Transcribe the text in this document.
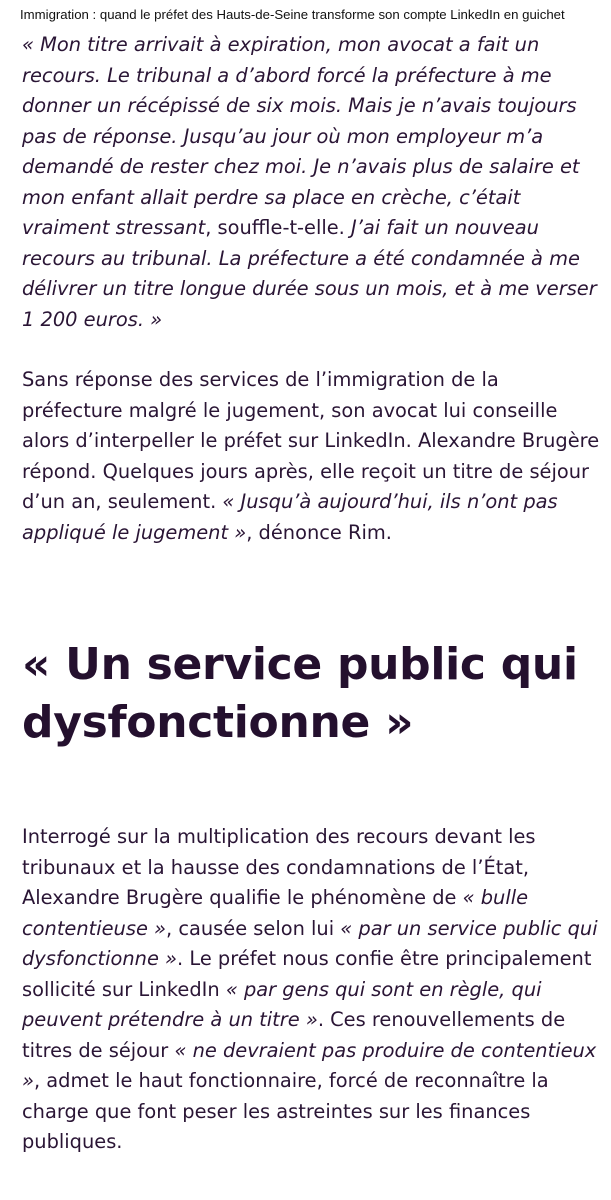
Immigration : quand le préfet des Hauts-de-Seine transforme son compte LinkedIn en guichet

« Mon titre arrivait à expiration, mon avocat a fait un recours. Le tribunal a d’abord forcé la préfecture à me donner un récépissé de six mois. Mais je n’avais toujours pas de réponse. Jusqu’au jour où mon employeur m’a demandé de rester chez moi. Je n’avais plus de salaire et mon enfant allait perdre sa place en crèche, c’était vraiment stressant, souffle-t-elle. J’ai fait un nouveau recours au tribunal. La préfecture a été condamnée à me délivrer un titre longue durée sous un mois, et à me verser 1 200 euros. »

Sans réponse des services de l’immigration de la préfecture malgré le jugement, son avocat lui conseille alors d’interpeller le préfet sur LinkedIn. Alexandre Brugère répond. Quelques jours après, elle reçoit un titre de séjour d’un an, seulement. « Jusqu’à aujourd’hui, ils n’ont pas appliqué le jugement », dénonce Rim.

« Un service public qui dysfonctionne »

Interrogé sur la multiplication des recours devant les tribunaux et la hausse des condamnations de l’État, Alexandre Brugère qualifie le phénomène de « bulle contentieuse », causée selon lui « par un service public qui dysfonctionne ». Le préfet nous confie être principalement sollicité sur LinkedIn « par gens qui sont en règle, qui peuvent prétendre à un titre ». Ces renouvellements de titres de séjour « ne devraient pas produire de contentieux », admet le haut fonctionnaire, forcé de reconnaître la charge que font peser les astreintes sur les finances publiques.
